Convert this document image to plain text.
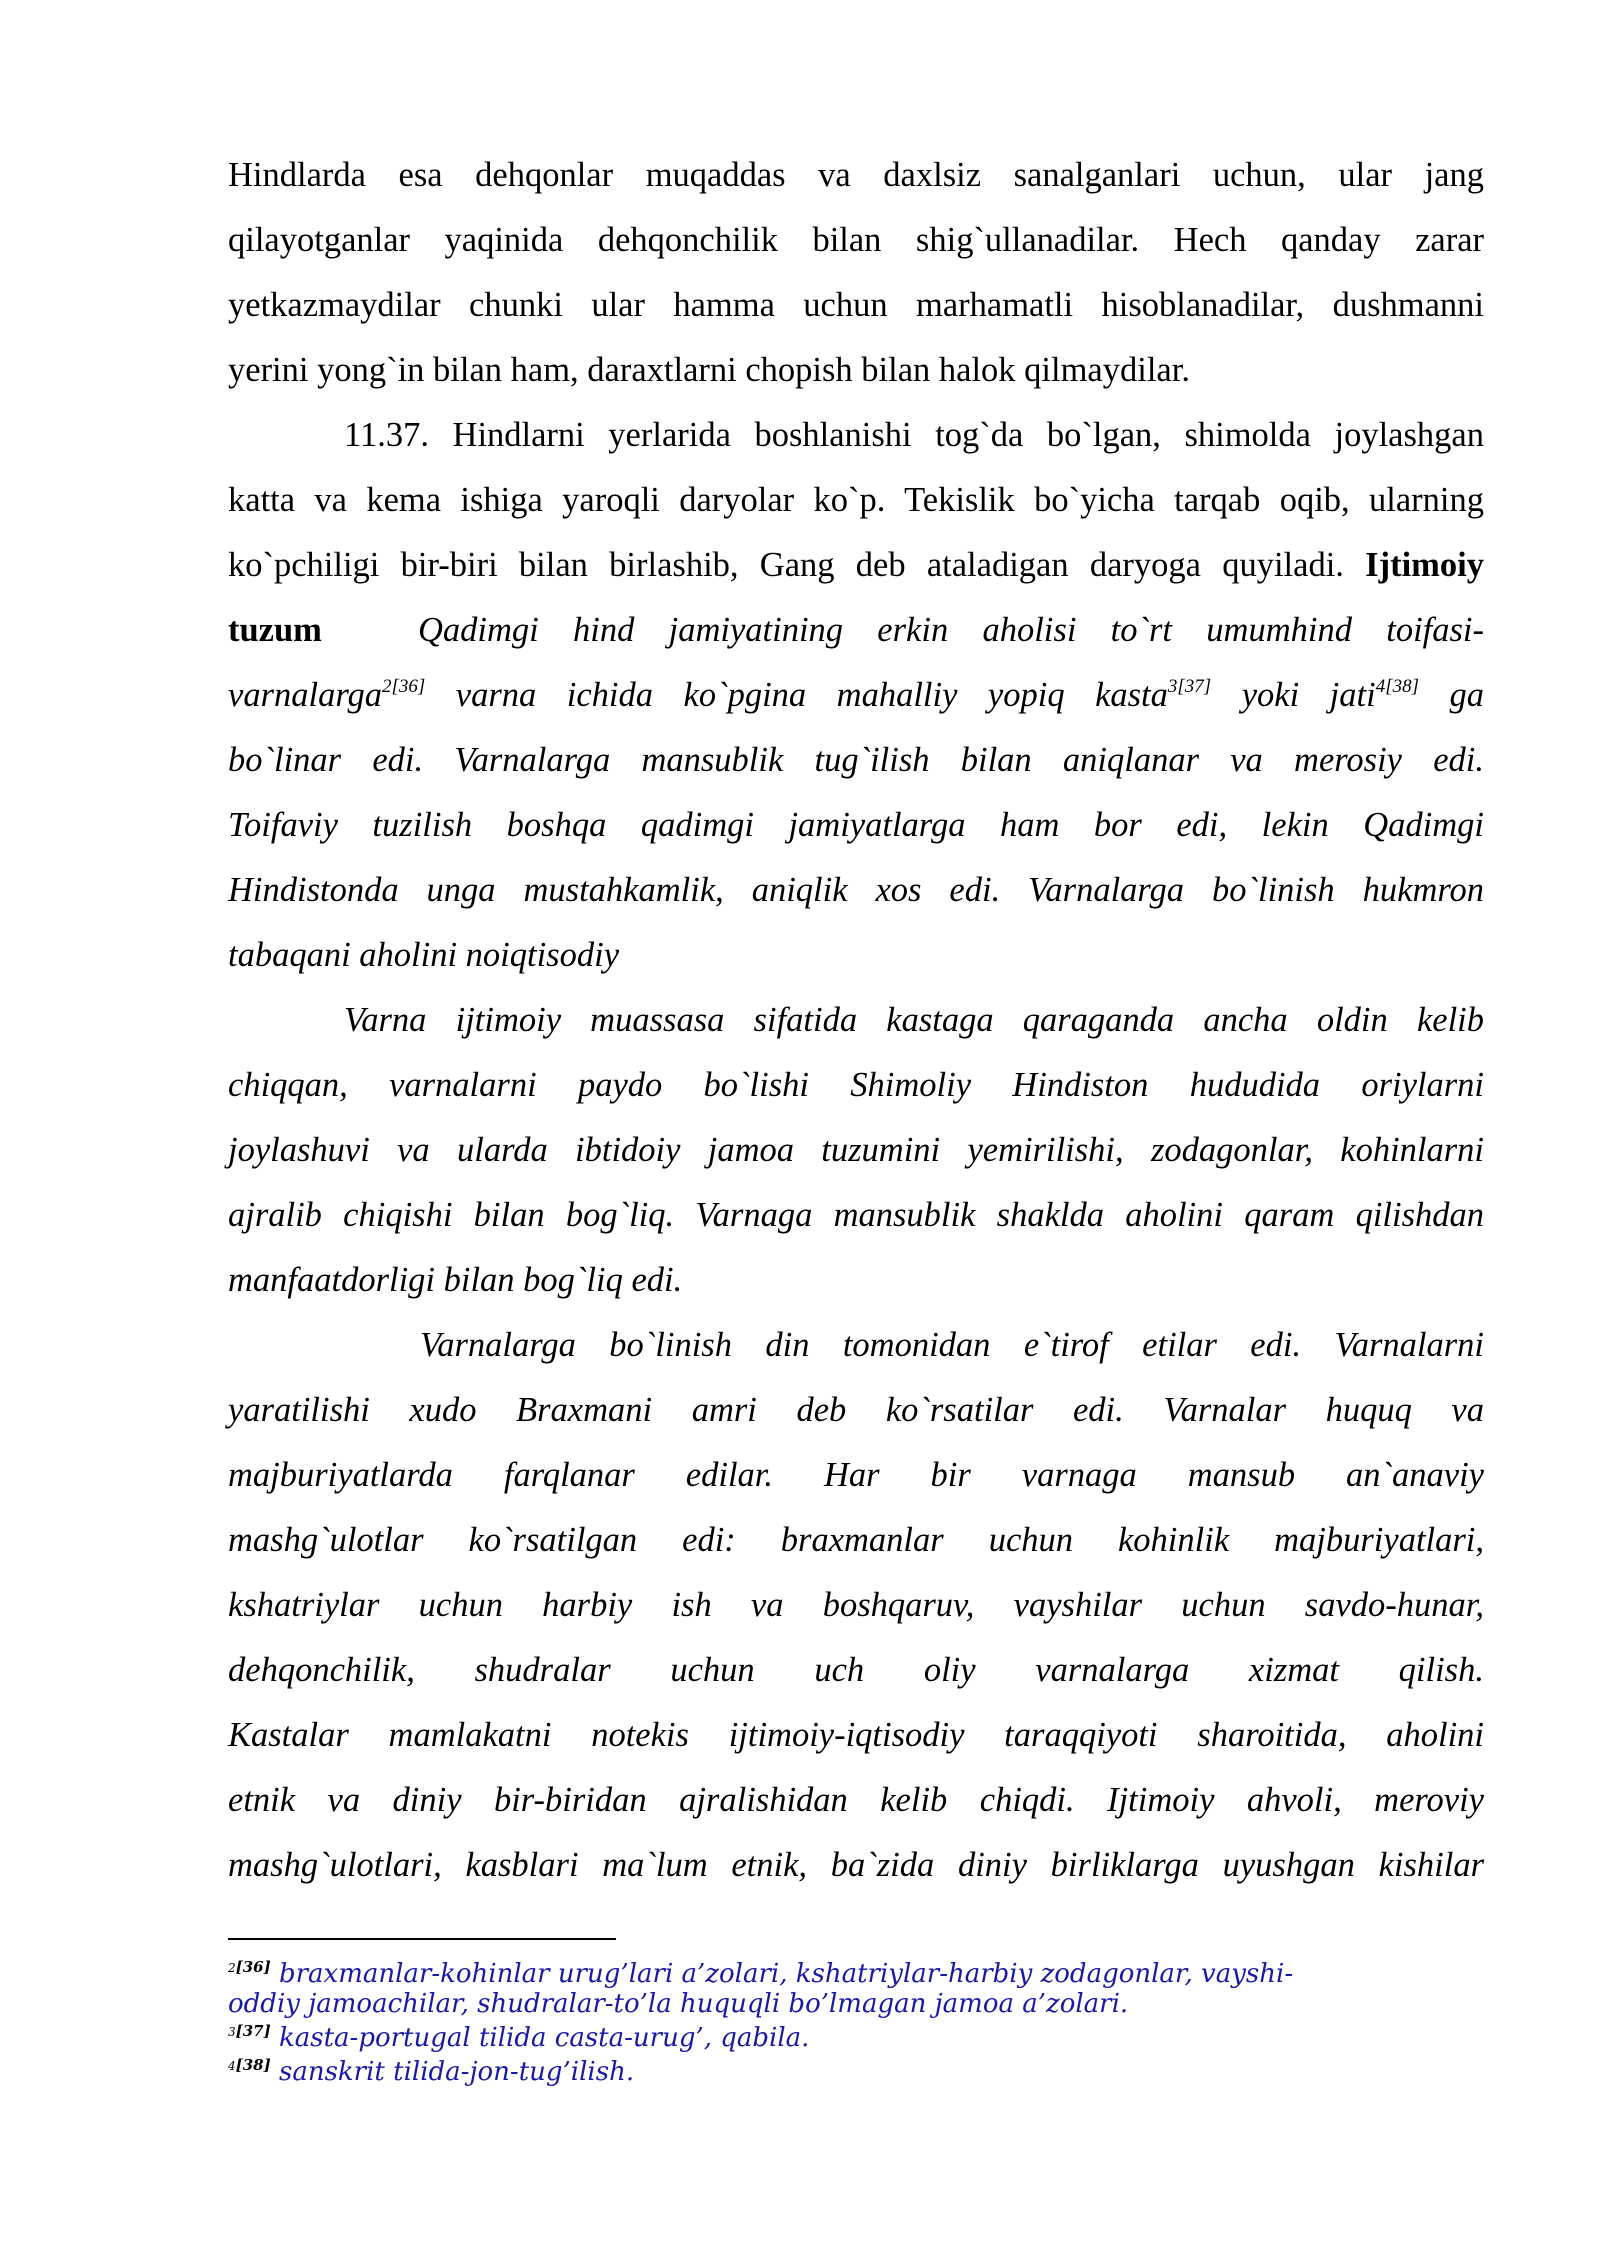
Hindlarda esa dehqonlar muqaddas va daxlsiz sanalganlari uchun, ular jang
qilayotganlar yaqinida dehqonchilik bilan shig`ullanadilar. Hech qanday zarar
yetkazmaydilar chunki ular hamma uchun marhamatli hisoblanadilar, dushmanni
yerini yong`in bilan ham, daraxtlarni chopish bilan halok qilmaydilar.
11.37. Hindlarni yerlarida boshlanishi tog`da bo`lgan, shimolda joylashgan
katta va kema ishiga yaroqli daryolar ko`p. Tekislik bo`yicha tarqab oqib, ularning
ko`pchiligi bir-biri bilan birlashib, Gang deb ataladigan daryoga quyiladi. Ijtimoiy
tuzum	Qadimgi hind jamiyatining erkin aholisi to`rt umumhind toifasi-
varnalarga$^{2[36]}$ varna ichida ko`pgina mahalliy yopiq kasta$^{3[37]}$ yoki jati$^{4[38]}$ ga
bo`linar edi. Varnalarga mansublik tug`ilish bilan aniqlanar va merosiy edi.
Toifaviy tuzilish boshqa qadimgi jamiyatlarga ham bor edi, lekin Qadimgi
Hindistonda unga mustahkamlik, aniqlik xos edi. Varnalarga bo`linish hukmron
tabaqani aholini noiqtisodiy
Varna ijtimoiy muassasa sifatida kastaga qaraganda ancha oldin kelib
chiqqan, varnalarni paydo bo`lishi Shimoliy Hindiston hududida oriylarni
joylashuvi va ularda ibtidoiy jamoa tuzumini yemirilishi, zodagonlar, kohinlarni
ajralib chiqishi bilan bog`liq. Varnaga mansublik shaklda aholini qaram qilishdan
manfaatdorligi bilan bog`liq edi.
Varnalarga bo`linish din tomonidan e`tirof etilar edi. Varnalarni
yaratilishi xudo Braxmani amri deb ko`rsatilar edi. Varnalar huquq va
majburiyatlarda farqlanar edilar. Har bir varnaga mansub an`anaviy
mashg`ulotlar ko`rsatilgan edi: braxmanlar uchun kohinlik majburiyatlari,
kshatriylar uchun harbiy ish va boshqaruv, vayshilar uchun savdo-hunar,
dehqonchilik, shudralar uchun uch oliy varnalarga xizmat qilish.
Kastalar mamlakatni notekis ijtimoiy-iqtisodiy taraqqiyoti sharoitida, aholini
etnik va diniy bir-biridan ajralishidan kelib chiqdi. Ijtimoiy ahvoli, meroviy
mashg`ulotlari, kasblari ma`lum etnik, ba`zida diniy birliklarga uyushgan kishilar
$^{2[36]}$ braxmanlar-kohinlar urug’lari a’zolari, kshatriylar-harbiy zodagonlar, vayshi-
oddiy jamoachilar, shudralar-to’la huquqli bo’lmagan jamoa a’zolari.
$^{3[37]}$ kasta-portugal tilida casta-urug’, qabila.
$^{4[38]}$ sanskrit tilida-jon-tug’ilish.
